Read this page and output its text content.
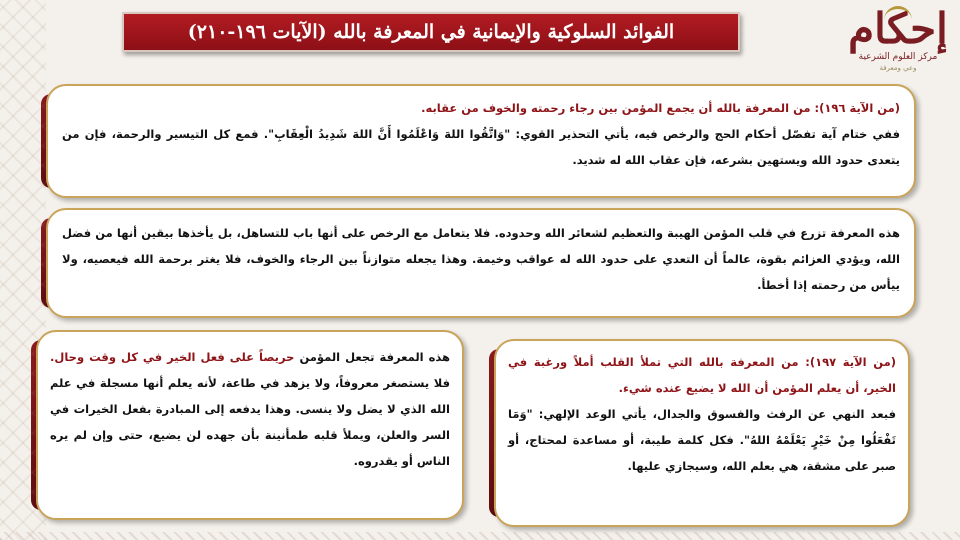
الفوائد السلوكية والإيمانية في المعرفة بالله (الآيات ١٩٦-٢١٠)	إحكام
مركز العلوم الشرعية
وعي ومعرفة

(من الآية ١٩٦): من المعرفة بالله أن يجمع المؤمن بين رجاء رحمته والخوف من عقابه.

ففي ختام آية تفصّل أحكام الحج والرخص فيه، يأتي التحذير القوي: "وَاتَّقُوا اللهَ وَاعْلَمُوا أَنَّ اللهَ شَدِيدُ الْعِقَابِ". فمع كل التيسير والرحمة، فإن من يتعدى حدود الله ويستهين بشرعه، فإن عقاب الله له شديد.

هذه المعرفة تزرع في قلب المؤمن الهيبة والتعظيم لشعائر الله وحدوده. فلا يتعامل مع الرخص على أنها باب للتساهل، بل يأخذها بيقين أنها من فضل الله، ويؤدي العزائم بقوة، عالماً أن التعدي على حدود الله له عواقب وخيمة. وهذا يجعله متوازناً بين الرجاء والخوف، فلا يغتر برحمة الله فيعصيه، ولا ييأس من رحمته إذا أخطأ.

(من الآية ١٩٧): من المعرفة بالله التي تملأ القلب أملاً ورغبة في الخير، أن يعلم المؤمن أن الله لا يضيع عنده شيء.

فبعد النهي عن الرفث والفسوق والجدال، يأتي الوعد الإلهي: "وَمَا تَفْعَلُوا مِنْ خَيْرٍ يَعْلَمْهُ اللهُ". فكل كلمة طيبة، أو مساعدة لمحتاج، أو صبر على مشقة، هي بعلم الله، وسيجازي عليها.

هذه المعرفة تجعل المؤمن حريصاً على فعل الخير في كل وقت وحال. فلا يستصغر معروفاً، ولا يزهد في طاعة، لأنه يعلم أنها مسجلة في علم الله الذي لا يضل ولا ينسى. وهذا يدفعه إلى المبادرة بفعل الخيرات في السر والعلن، ويملأ قلبه طمأنينة بأن جهده لن يضيع، حتى وإن لم يره الناس أو يقدروه.
